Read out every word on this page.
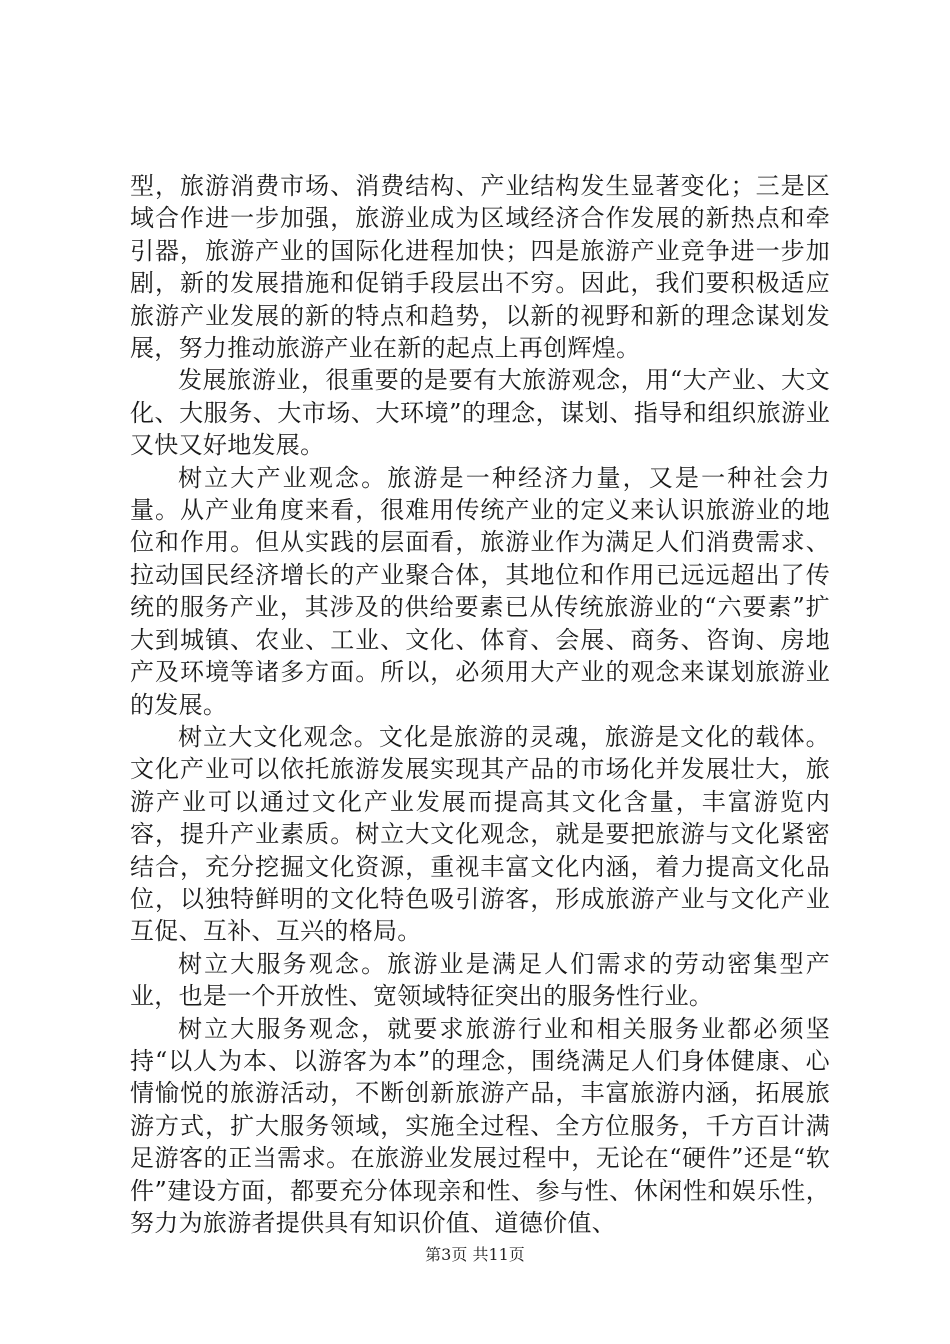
型，旅游消费市场、消费结构、产业结构发生显著变化；三是区域合作进一步加强，旅游业成为区域经济合作发展的新热点和牵引器，旅游产业的国际化进程加快；四是旅游产业竞争进一步加剧，新的发展措施和促销手段层出不穷。因此，我们要积极适应旅游产业发展的新的特点和趋势，以新的视野和新的理念谋划发展，努力推动旅游产业在新的起点上再创辉煌。

发展旅游业，很重要的是要有大旅游观念，用“大产业、大文化、大服务、大市场、大环境”的理念，谋划、指导和组织旅游业又快又好地发展。

树立大产业观念。旅游是一种经济力量，又是一种社会力量。从产业角度来看，很难用传统产业的定义来认识旅游业的地位和作用。但从实践的层面看，旅游业作为满足人们消费需求、拉动国民经济增长的产业聚合体，其地位和作用已远远超出了传统的服务产业，其涉及的供给要素已从传统旅游业的“六要素”扩大到城镇、农业、工业、文化、体育、会展、商务、咨询、房地产及环境等诸多方面。所以，必须用大产业的观念来谋划旅游业的发展。

树立大文化观念。文化是旅游的灵魂，旅游是文化的载体。文化产业可以依托旅游发展实现其产品的市场化并发展壮大，旅游产业可以通过文化产业发展而提高其文化含量，丰富游览内容，提升产业素质。树立大文化观念，就是要把旅游与文化紧密结合，充分挖掘文化资源，重视丰富文化内涵，着力提高文化品位，以独特鲜明的文化特色吸引游客，形成旅游产业与文化产业互促、互补、互兴的格局。

树立大服务观念。旅游业是满足人们需求的劳动密集型产业，也是一个开放性、宽领域特征突出的服务性行业。

树立大服务观念，就要求旅游行业和相关服务业都必须坚持“以人为本、以游客为本”的理念，围绕满足人们身体健康、心情愉悦的旅游活动，不断创新旅游产品，丰富旅游内涵，拓展旅游方式，扩大服务领域，实施全过程、全方位服务，千方百计满足游客的正当需求。在旅游业发展过程中，无论在“硬件”还是“软件”建设方面，都要充分体现亲和性、参与性、休闲性和娱乐性，努力为旅游者提供具有知识价值、道德价值、

第3页 共11页
